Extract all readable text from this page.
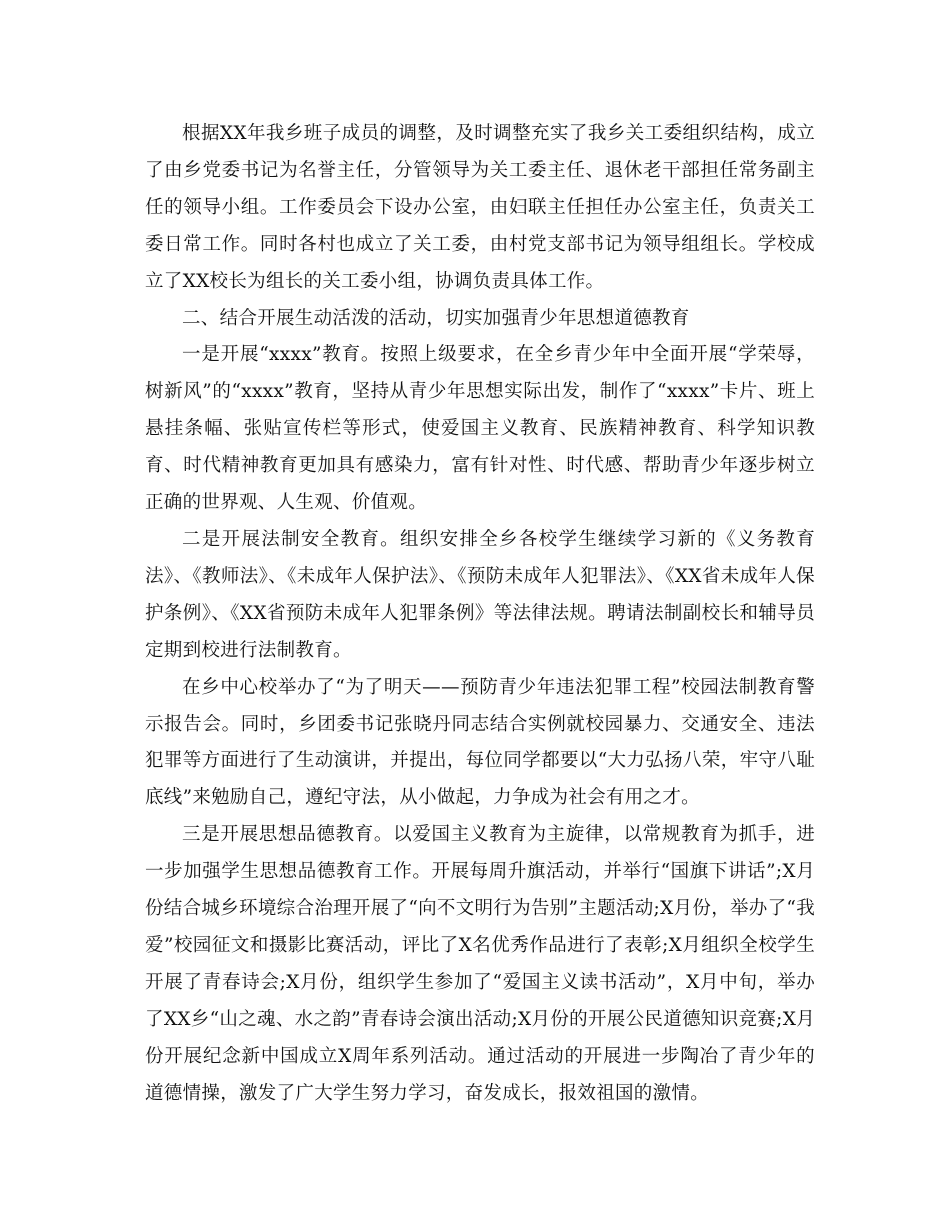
根据XX年我乡班子成员的调整，及时调整充实了我乡关工委组织结构，成立了由乡党委书记为名誉主任，分管领导为关工委主任、退休老干部担任常务副主任的领导小组。工作委员会下设办公室，由妇联主任担任办公室主任，负责关工委日常工作。同时各村也成立了关工委，由村党支部书记为领导组组长。学校成立了XX校长为组长的关工委小组，协调负责具体工作。

二、结合开展生动活泼的活动，切实加强青少年思想道德教育

一是开展“xxxx”教育。按照上级要求，在全乡青少年中全面开展“学荣辱，树新风”的“xxxx”教育，坚持从青少年思想实际出发，制作了“xxxx”卡片、班上悬挂条幅、张贴宣传栏等形式，使爱国主义教育、民族精神教育、科学知识教育、时代精神教育更加具有感染力，富有针对性、时代感、帮助青少年逐步树立正确的世界观、人生观、价值观。

二是开展法制安全教育。组织安排全乡各校学生继续学习新的《义务教育法》、《教师法》、《未成年人保护法》、《预防未成年人犯罪法》、《XX省未成年人保护条例》、《XX省预防未成年人犯罪条例》等法律法规。聘请法制副校长和辅导员定期到校进行法制教育。

在乡中心校举办了“为了明天——预防青少年违法犯罪工程”校园法制教育警示报告会。同时，乡团委书记张晓丹同志结合实例就校园暴力、交通安全、违法犯罪等方面进行了生动演讲，并提出，每位同学都要以“大力弘扬八荣，牢守八耻底线”来勉励自己，遵纪守法，从小做起，力争成为社会有用之才。

三是开展思想品德教育。以爱国主义教育为主旋律，以常规教育为抓手，进一步加强学生思想品德教育工作。开展每周升旗活动，并举行“国旗下讲话”;X月份结合城乡环境综合治理开展了“向不文明行为告别”主题活动;X月份，举办了“我爱”校园征文和摄影比赛活动，评比了X名优秀作品进行了表彰;X月组织全校学生开展了青春诗会;X月份，组织学生参加了“爱国主义读书活动”，X月中旬，举办了XX乡“山之魂、水之韵”青春诗会演出活动;X月份的开展公民道德知识竞赛;X月份开展纪念新中国成立X周年系列活动。通过活动的开展进一步陶冶了青少年的道德情操，激发了广大学生努力学习，奋发成长，报效祖国的激情。
